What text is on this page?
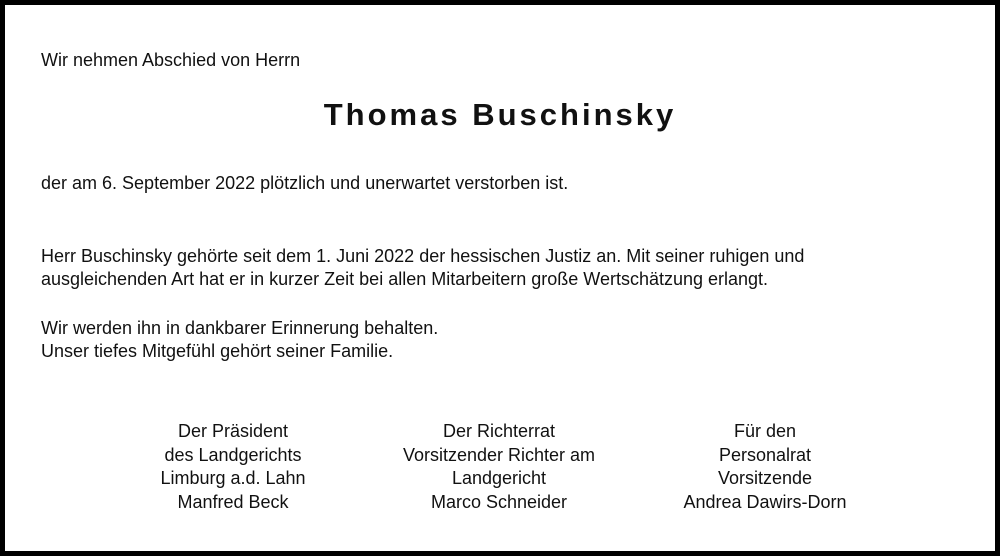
Wir nehmen Abschied von Herrn
Thomas Buschinsky
der am 6. September 2022 plötzlich und unerwartet verstorben ist.
Herr Buschinsky gehörte seit dem 1. Juni 2022 der hessischen Justiz an. Mit seiner ruhigen und
ausgleichenden Art hat er in kurzer Zeit bei allen Mitarbeitern große Wertschätzung erlangt.
Wir werden ihn in dankbarer Erinnerung behalten.
Unser tiefes Mitgefühl gehört seiner Familie.
Der Präsident
des Landgerichts
Limburg a.d. Lahn
Manfred Beck
Der Richterrat
Vorsitzender Richter am
Landgericht
Marco Schneider
Für den
Personalrat
Vorsitzende
Andrea Dawirs-Dorn
